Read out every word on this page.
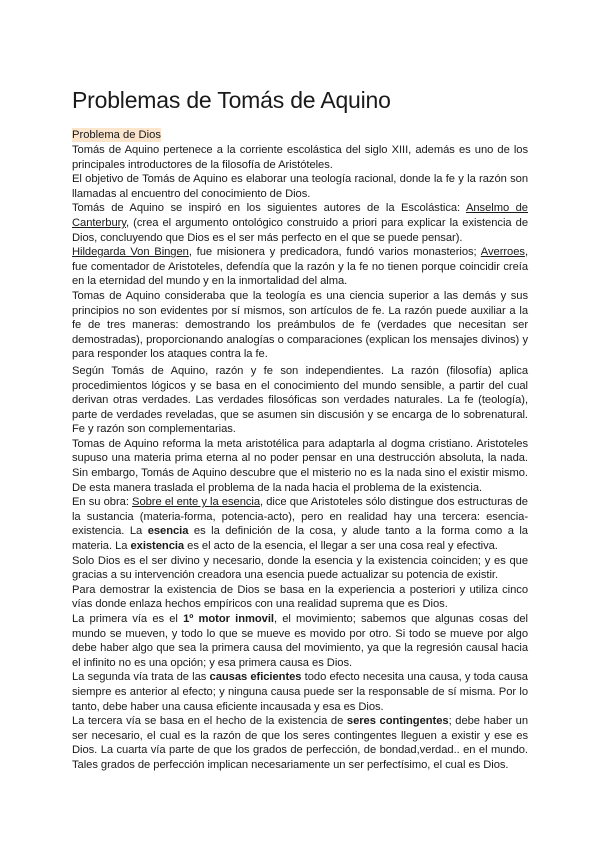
Problemas de Tomás de Aquino
Problema de Dios

Tomás de Aquino pertenece a la corriente escolástica del siglo XIII, además es uno de los principales introductores de la filosofía de Aristóteles.

El objetivo de Tomás de Aquino es elaborar una teología racional, donde la fe y la razón son llamadas al encuentro del conocimiento de Dios.

Tomás de Aquino se inspiró en los siguientes autores de la Escolástica: Anselmo de Canterbury, (crea el argumento ontológico construido a priori para explicar la existencia de Dios, concluyendo que Dios es el ser más perfecto en el que se puede pensar).

Hildegarda Von Bingen, fue misionera y predicadora, fundó varios monasterios; Averroes, fue comentador de Aristoteles, defendía que la razón y la fe no tienen porque coincidir creía en la eternidad del mundo y en la inmortalidad del alma.

Tomas de Aquino consideraba que la teología es una ciencia superior a las demás y sus principios no son evidentes por sí mismos, son artículos de fe. La razón puede auxiliar a la fe de tres maneras: demostrando los preámbulos de fe (verdades que necesitan ser demostradas), proporcionando analogías o comparaciones (explican los mensajes divinos) y para responder los ataques contra la fe.

Según Tomás de Aquino, razón y fe son independientes. La razón (filosofía) aplica procedimientos lógicos y se basa en el conocimiento del mundo sensible, a partir del cual derivan otras verdades. Las verdades filosóficas son verdades naturales. La fe (teología), parte de verdades reveladas, que se asumen sin discusión y se encarga de lo sobrenatural. Fe y razón son complementarias.

Tomas de Aquino reforma la meta aristotélica para adaptarla al dogma cristiano. Aristoteles supuso una materia prima eterna al no poder pensar en una destrucción absoluta, la nada. Sin embargo, Tomás de Aquino descubre que el misterio no es la nada sino el existir mismo. De esta manera traslada el problema de la nada hacia el problema de la existencia.

En su obra: Sobre el ente y la esencia, dice que Aristoteles sólo distingue dos estructuras de la sustancia (materia-forma, potencia-acto), pero en realidad hay una tercera: esencia-existencia. La esencia es la definición de la cosa, y alude tanto a la forma como a la materia. La existencia es el acto de la esencia, el llegar a ser una cosa real y efectiva.

Solo Dios es el ser divino y necesario, donde la esencia y la existencia coinciden; y es que gracias a su intervención creadora una esencia puede actualizar su potencia de existir.

Para demostrar la existencia de Dios se basa en la experiencia a posteriori y utiliza cinco vías donde enlaza hechos empíricos con una realidad suprema que es Dios.

La primera vía es el 1º motor inmovil, el movimiento; sabemos que algunas cosas del mundo se mueven, y todo lo que se mueve es movido por otro. Si todo se mueve por algo debe haber algo que sea la primera causa del movimiento, ya que la regresión causal hacia el infinito no es una opción; y esa primera causa es Dios.

La segunda vía trata de las causas eficientes todo efecto necesita una causa, y toda causa siempre es anterior al efecto; y ninguna causa puede ser la responsable de sí misma. Por lo tanto, debe haber una causa eficiente incausada y esa es Dios.

La tercera vía se basa en el hecho de la existencia de seres contingentes; debe haber un ser necesario, el cual es la razón de que los seres contingentes lleguen a existir y ese es Dios. La cuarta vía parte de que los grados de perfección, de bondad,verdad.. en el mundo. Tales grados de perfección implican necesariamente un ser perfectísimo, el cual es Dios.
